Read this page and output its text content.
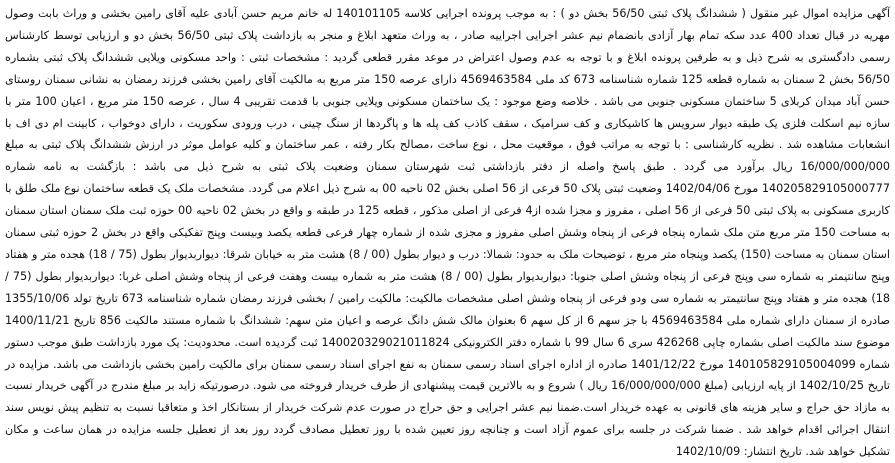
آگهی مزایده اموال غیر منقول ( ششدانگ پلاک ثبتی 56/50 بخش دو ) : به موجب پرونده اجرایی کلاسه 140101105 له خانم مریم حسن آبادی علیه آقای رامین بخشی و وراث بابت وصول مهریه در قبال تعداد 400 عدد سکه تمام بهار آزادی بانضمام نیم عشر اجرایی اجراییه صادر ، به وراث متعهد ابلاغ و منجر به بازداشت پلاک ثبتی 56/50 بخش دو و ارزیابی توسط کارشناس رسمی دادگستری به شرح ذیل و به طرفین پرونده ابلاغ و با توجه به عدم وصول اعتراض در موعد مقرر قطعی گردید : مشخصات ثبتی : واحد مسکونی ویلایی ششدانگ پلاک ثبتی بشماره 56/50 بخش 2 سمنان به شماره قطعه 125 شماره شناسنامه 673 کد ملی 4569463584 دارای عرصه 150 متر مربع به مالکیت آقای رامین بخشی فرزند رمضان به نشانی سمنان روستای حسن آباد میدان کربلای 5 ساختمان مسکونی جنوبی می باشد . خلاصه وضع موجود : یک ساختمان مسکونی ویلایی جنوبی با قدمت تقریبی 4 سال ، عرصه 150 متر مربع ، اعیان 100 متر با سازه نیم اسکلت فلزی یک طبقه دیوار سرویس ها کاشیکاری و کف سرامیک ، سقف کاذب کف پله ها و پاگردها از سنگ چینی ، درب ورودی سکوریت ، دارای دوخواب ، کابینت ام دی اف با انشعابات مشاهده شد . نظریه کارشناسی : با توجه به مراتب فوق ، موقعیت محل ، نوع ساخت ،مصالح بکار رفته ، عمر ساختمان و کلیه عوامل موثر در ارزش ششدانگ پلاک ثبتی به مبلغ 16/000/000/000 ریال برآورد می گردد . طبق پاسخ واصله از دفتر بازداشتی ثبت شهرستان سمنان وضعیت پلاک ثبتی به شرح ذیل می باشد : بازگشت به نامه شماره 140205829105000777 مورخ 1402/04/06 وضعیت ثبتی پلاک 50 فرعی از 56 اصلی بخش 02 ناحیه 00 به شرح ذیل اعلام می گردد. مشخصات ملک یک قطعه ساختمان نوع ملک طلق با کاربری مسکونی به پلاک ثبتی 50 فرعی از 56 اصلی ، مفروز و مجزا شده از4 فرعی از اصلی مذکور ، قطعه 125 در طبقه و واقع در بخش 02 ناحیه 00 حوزه ثبت ملک سمنان استان سمنان به مساحت 150 متر مربع متن ملک شماره پنجاه فرعی از پنجاه وشش اصلی مفروز و مجزی شده از شماره چهار فرعی قطعه یکصد وبیست وپنج تفکیکی واقع در بخش 2 حوزه ثبتی سمنان استان سمنان به مساحت (150) یکصد وپنجاه متر مربع ، توضیحات ملک به حدود: شمالا: درب و دیوار بطول (00 / 8) هشت متر به خیابان شرقا: دیواربدیوار بطول (75 / 18) هجده متر و هفتاد وپنج سانتیمتر به شماره سی وپنج فرعی از پنجاه وشش اصلی جنوبا: دیواربدیوار بطول (00 / 8) هشت متر به شماره بیست وهفت فرعی از پنجاه وشش اصلی غربا: دیواربدیوار بطول (75 / 18) هجده متر و هفتاد وپنج سانتیمتر به شماره سی ودو فرعی از پنجاه وشش اصلی مشخصات مالکیت: مالکیت رامین / بخشی فرزند رمضان شماره شناسنامه 673 تاریخ تولد 1355/10/06 صادره از سمنان دارای شماره ملی 4569463584 با جز سهم 6 از کل سهم 6 بعنوان مالک شش دانگ عرصه و اعیان متن سهم: ششدانگ با شماره مستند مالکیت 856 تاریخ 1400/11/21 موضوع سند مالکیت اصلی بشماره چاپی 426268 سری 6 سال 99 با شماره دفتر الکترونیکی 140020329021011824 ثبت گردیده است. محدودیت: یک مورد بازداشت طبق موجب دستور شماره 140105829105004099 مورخ 1401/12/22 صادره از اداره اجرای اسناد رسمی سمنان به نفع اجرای اسناد رسمی سمنان برای مالکیت رامین بخشی بازداشت می باشد. مزایده در تاریخ 1402/10/25 از پایه ارزیابی (مبلغ 16/000/000/000 ریال ) شروع و به بالاترین قیمت پیشنهادی از طرف خریدار فروخته می شود. درصورتیکه زاید بر مبلغ مندرج در آگهی خریدار نسبت به مازاد حق حراج و سایر هزینه های قانونی به عهده خریدار است.ضمنا نیم عشر اجرایی و حق حراج در صورت عدم شرکت خریدار از بستانکار اخذ و متعاقبا نسبت به تنظیم پیش نویس سند انتقال اجرائی اقدام خواهد شد . ضمنا شرکت در جلسه برای عموم آزاد است و چنانچه روز تعیین شده با روز تعطیل مصادف گردد روز بعد از تعطیل جلسه مزایده در همان ساعت و مکان تشکیل خواهد شد. تاریخ انتشار: 1402/10/09
